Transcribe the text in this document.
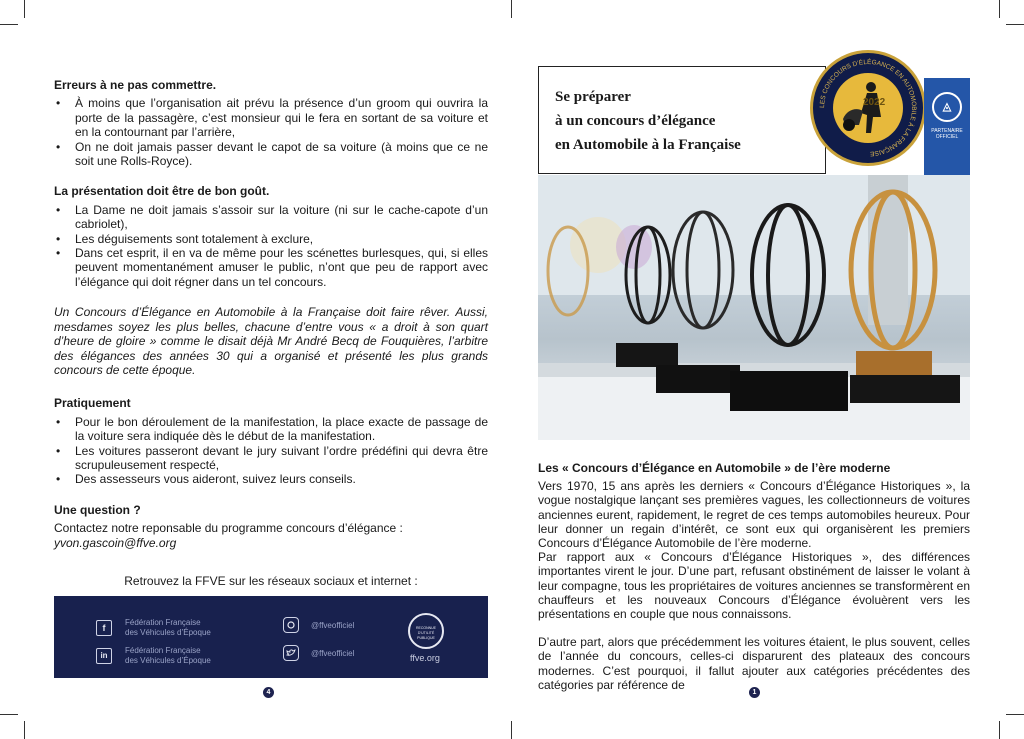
Erreurs à ne pas commettre.
• À moins que l’organisation ait prévu la présence d’un groom qui ouvrira la porte de la passagère, c’est monsieur qui le fera en sortant de sa voiture et en la contournant par l’arrière,
• On ne doit jamais passer devant le capot de sa voiture (à moins que ce ne soit une Rolls-Royce).
La présentation doit être de bon goût.
• La Dame ne doit jamais s’assoir sur la voiture (ni sur le cache-capote d’un cabriolet),
• Les déguisements sont totalement à exclure,
• Dans cet esprit, il en va de même pour les scénettes burlesques, qui, si elles peuvent momentanément amuser le public, n’ont que peu de rapport avec l’élégance qui doit régner dans un tel concours.

Un Concours d’Élégance en Automobile à la Française doit faire rêver. Aussi, mesdames soyez les plus belles, chacune d’entre vous « a droit à son quart d’heure de gloire » comme le disait déjà Mr André Becq de Fouquières, l’arbitre des élégances des années 30 qui a organisé et présenté les plus grands concours de cette époque.

Pratiquement
• Pour le bon déroulement de la manifestation, la place exacte de passage de la voiture sera indiquée dès le début de la manifestation.
• Les voitures passeront devant le jury suivant l’ordre prédéfini qui devra être scrupuleusement respecté,
• Des assesseurs vous aideront, suivez leurs conseils.
Une question ?

Contactez notre reponsable du programme concours d’élégance :

yvon.gascoin@ffve.org

Retrouvez la FFVE sur les réseaux sociaux et internet :
f
Fédération Française
des Véhicules d’Époque
in
Fédération Française
des Véhicules d’Époque
@ffveofficiel
@ffveofficiel
RECONNUE D’UTILITÉ PUBLIQUE
ffve.org
4
Se préparer
à un concours d’élégance
en Automobile à la Française
LES CONCOURS D’ÉLÉGANCE EN AUTOMOBILE À LA FRANÇAISE
2022	◬
PARTENAIRE OFFICIEL
Les « Concours d’Élégance en Automobile » de l’ère moderne

Vers 1970, 15 ans après les derniers « Concours d’Élégance Historiques », la vogue nostalgique lançant ses premières vagues, les collectionneurs de voitures anciennes eurent, rapidement, le regret de ces temps automobiles heureux. Pour leur donner un regain d’intérêt, ce sont eux qui organisèrent les premiers Concours d’Élégance Automobile de l’ère moderne.

Par rapport aux « Concours d’Élégance Historiques », des différences importantes virent le jour. D’une part, refusant obstinément de laisser le volant à leur compagne, tous les propriétaires de voitures anciennes se transformèrent en chauffeurs et les nouveaux Concours d’Élégance évoluèrent vers les présentations en couple que nous connaissons.

D’autre part, alors que précédemment les voitures étaient, le plus souvent, celles de l’année du concours, celles-ci disparurent des plateaux des concours modernes. C’est pourquoi, il fallut ajouter aux catégories précédentes des catégories par référence de

1
